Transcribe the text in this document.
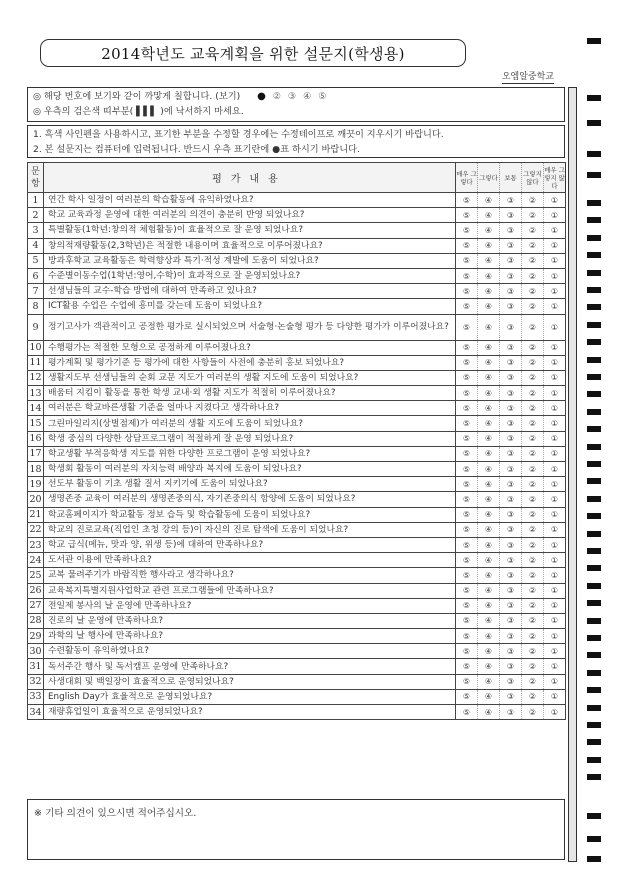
2014학년도 교육계획을 위한 설문지(학생용)
오엠알중학교
◎ 해당 번호에 보기와 같이 까맣게 칠합니다. (보기) ● ② ③ ④ ⑤
◎ 우측의 검은색 띠부분( ▌▌▌ )에 낙서하지 마세요.
1. 흑색 사인펜을 사용하시고, 표기한 부분을 수정할 경우에는 수정테이프로 깨끗이 지우시기 바랍니다.
2. 본 설문지는 컴퓨터에 입력됩니다. 반드시 우측 표기란에 ●표 하시기 바랍니다.
문
항	평가내용	매우 그렇다	그렇다	보통	그렇지 않다	매우 그렇지 않다
1	연간 학사 일정이 여러분의 학습활동에 유익하였나요?	⑤	④	③	②	①
2	학교 교육과정 운영에 대한 여러분의 의견이 충분히 반영 되었나요?	⑤	④	③	②	①
3	특별활동(1학년:창의적 체험활동)이 효율적으로 잘 운영 되었나요?	⑤	④	③	②	①
4	창의적재량활동(2,3학년)은 적절한 내용이며 효율적으로 이루어졌나요?	⑤	④	③	②	①
5	방과후학교 교육활동은 학력향상과 특기·적성 계발에 도움이 되었나요?	⑤	④	③	②	①
6	수준별이동수업(1학년:영어,수학)이 효과적으로 잘 운영되었나요?	⑤	④	③	②	①
7	선생님들의 교수-학습 방법에 대하여 만족하고 있나요?	⑤	④	③	②	①
8	ICT활용 수업은 수업에 흥미를 갖는데 도움이 되었나요?	⑤	④	③	②	①
9	정기고사가 객관적이고 공정한 평가로 실시되었으며 서술형·논술형 평가 등 다양한 평가가 이루어졌나요?	⑤	④	③	②	①
10	수행평가는 적절한 모형으로 공정하게 이루어졌나요?	⑤	④	③	②	①
11	평가계획 및 평가기준 등 평가에 대한 사항들이 사전에 충분히 홍보 되었나요?	⑤	④	③	②	①
12	생활지도부 선생님들의 순회 교문 지도가 여러분의 생활 지도에 도움이 되었나요?	⑤	④	③	②	①
13	배움터 지킴이 활동을 통한 학생 교내·외 생활 지도가 적절히 이루어졌나요?	⑤	④	③	②	①
14	여러분은 학교바른생활 기준을 얼마나 지켰다고 생각하나요?	⑤	④	③	②	①
15	그린마일리지(상벌점제)가 여러분의 생활 지도에 도움이 되었나요?	⑤	④	③	②	①
16	학생 중심의 다양한 상담프로그램이 적절하게 잘 운영 되었나요?	⑤	④	③	②	①
17	학교생활 부적응학생 지도를 위한 다양한 프로그램이 운영 되었나요?	⑤	④	③	②	①
18	학생회 활동이 여러분의 자치능력 배양과 복지에 도움이 되었나요?	⑤	④	③	②	①
19	선도부 활동이 기초 생활 질서 지키기에 도움이 되었나요?	⑤	④	③	②	①
20	생명존중 교육이 여러분의 생명존중의식, 자기존중의식 함양에 도움이 되었나요?	⑤	④	③	②	①
21	학교홈페이지가 학교활동 정보 습득 및 학습활동에 도움이 되었나요?	⑤	④	③	②	①
22	학교의 진로교육(직업인 초청 강의 등)이 자신의 진로 탐색에 도움이 되었나요?	⑤	④	③	②	①
23	학교 급식(메뉴, 맛과 양, 위생 등)에 대하여 만족하나요?	⑤	④	③	②	①
24	도서관 이용에 만족하나요?	⑤	④	③	②	①
25	교복 물려주기가 바람직한 행사라고 생각하나요?	⑤	④	③	②	①
26	교육복지특별지원사업학교 관련 프로그램들에 만족하나요?	⑤	④	③	②	①
27	전일제 봉사의 날 운영에 만족하나요?	⑤	④	③	②	①
28	진로의 날 운영에 만족하나요?	⑤	④	③	②	①
29	과학의 날 행사에 만족하나요?	⑤	④	③	②	①
30	수련활동이 유익하였나요?	⑤	④	③	②	①
31	독서주간 행사 및 독서캠프 운영에 만족하나요?	⑤	④	③	②	①
32	사생대회 및 백일장이 효율적으로 운영되었나요?	⑤	④	③	②	①
33	English Day가 효율적으로 운영되었나요?	⑤	④	③	②	①
34	재량휴업일이 효율적으로 운영되었나요?	⑤	④	③	②	①
※ 기타 의견이 있으시면 적어주십시오.
